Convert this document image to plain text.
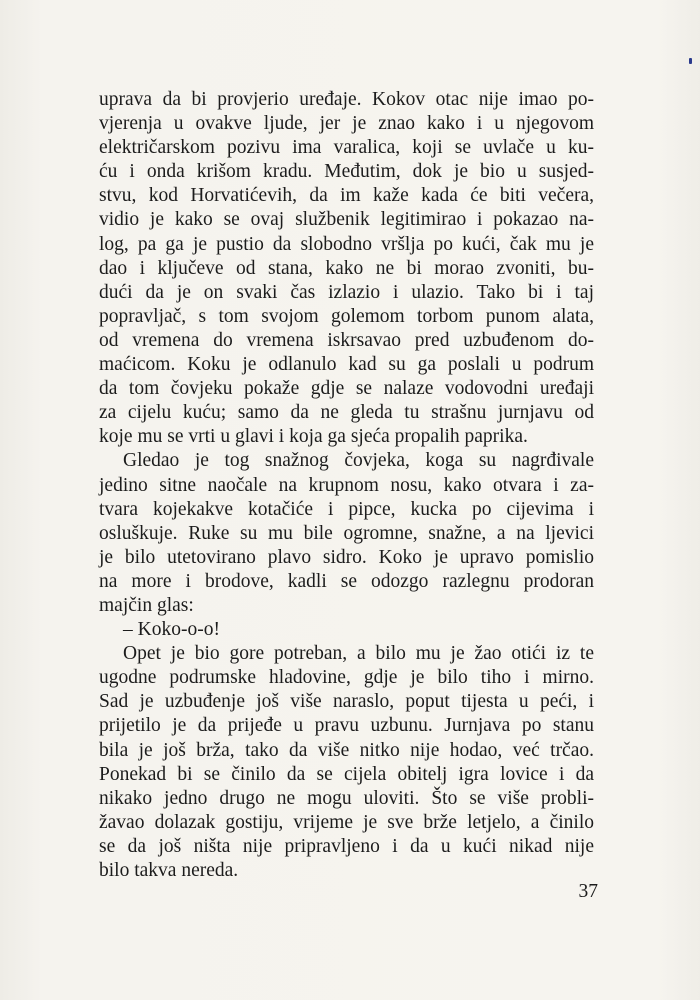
uprava da bi provjerio uređaje. Kokov otac nije imao po-
vjerenja u ovakve ljude, jer je znao kako i u njegovom
električarskom pozivu ima varalica, koji se uvlače u ku-
ću i onda krišom kradu. Međutim, dok je bio u susjed-
stvu, kod Horvatićevih, da im kaže kada će biti večera,
vidio je kako se ovaj službenik legitimirao i pokazao na-
log, pa ga je pustio da slobodno vršlja po kući, čak mu je
dao i ključeve od stana, kako ne bi morao zvoniti, bu-
dući da je on svaki čas izlazio i ulazio. Tako bi i taj
popravljač, s tom svojom golemom torbom punom alata,
od vremena do vremena iskrsavao pred uzbuđenom do-
maćicom. Koku je odlanulo kad su ga poslali u podrum
da tom čovjeku pokaže gdje se nalaze vodovodni uređaji
za cijelu kuću; samo da ne gleda tu strašnu jurnjavu od
koje mu se vrti u glavi i koja ga sjeća propalih paprika.
Gledao je tog snažnog čovjeka, koga su nagrđivale
jedino sitne naočale na krupnom nosu, kako otvara i za-
tvara kojekakve kotačiće i pipce, kucka po cijevima i
osluškuje. Ruke su mu bile ogromne, snažne, a na ljevici
je bilo utetovirano plavo sidro. Koko je upravo pomislio
na more i brodove, kadli se odozgo razlegnu prodoran
majčin glas:
– Koko-o-o!
Opet je bio gore potreban, a bilo mu je žao otići iz te
ugodne podrumske hladovine, gdje je bilo tiho i mirno.
Sad je uzbuđenje još više naraslo, poput tijesta u peći, i
prijetilo je da prijeđe u pravu uzbunu. Jurnjava po stanu
bila je još brža, tako da više nitko nije hodao, već trčao.
Ponekad bi se činilo da se cijela obitelj igra lovice i da
nikako jedno drugo ne mogu uloviti. Što se više probli-
žavao dolazak gostiju, vrijeme je sve brže letjelo, a činilo
se da još ništa nije pripravljeno i da u kući nikad nije
bilo takva nereda.
37
